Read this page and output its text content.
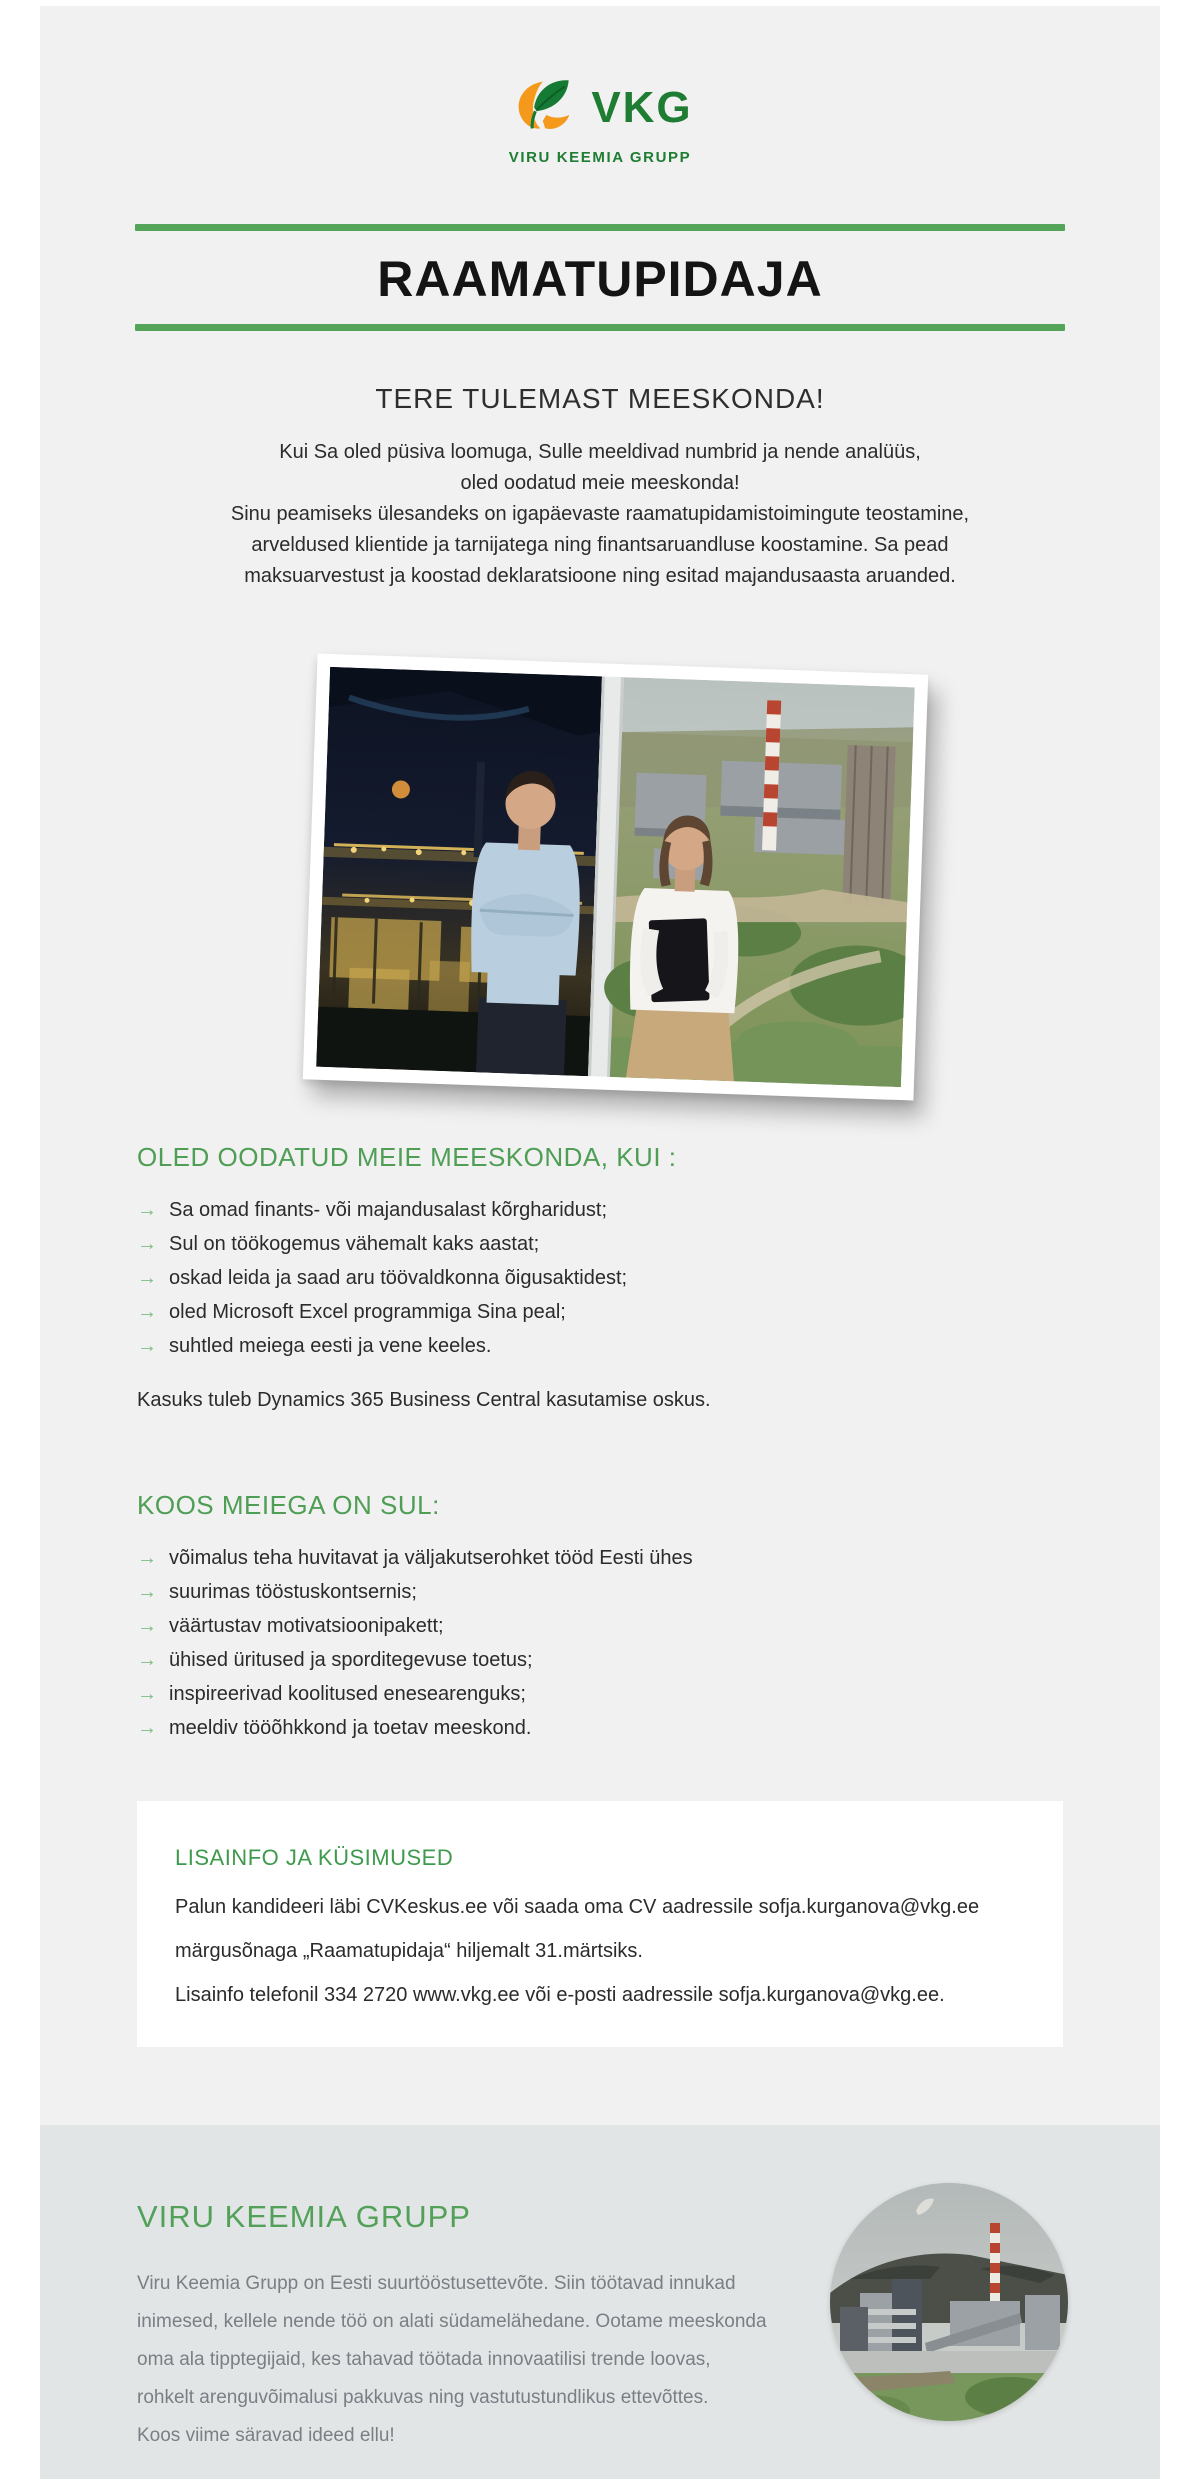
VKG
VIRU KEEMIA GRUPP
RAAMATUPIDAJA
TERE TULEMAST MEESKONDA!
Kui Sa oled püsiva loomuga, Sulle meeldivad numbrid ja nende analüüs,
oled oodatud meie meeskonda!
Sinu peamiseks ülesandeks on igapäevaste raamatupidamistoimingute teostamine,
arveldused klientide ja tarnijatega ning finantsaruandluse koostamine. Sa pead
maksuarvestust ja koostad deklaratsioone ning esitad majandusaasta aruanded.
OLED OODATUD MEIE MEESKONDA, KUI :
→ Sa omad finants- või majandusalast kõrgharidust;
→ Sul on töökogemus vähemalt kaks aastat;
→ oskad leida ja saad aru töövaldkonna õigusaktidest;
→ oled Microsoft Excel programmiga Sina peal;
→ suhtled meiega eesti ja vene keeles.

Kasuks tuleb Dynamics 365 Business Central kasutamise oskus.

KOOS MEIEGA ON SUL:
→ võimalus teha huvitavat ja väljakutserohket tööd Eesti ühes
→ suurimas tööstuskontsernis;
→ väärtustav motivatsioonipakett;
→ ühised üritused ja sporditegevuse toetus;
→ inspireerivad koolitused enesearenguks;
→ meeldiv tööõhkkond ja toetav meeskond.
LISAINFO JA KÜSIMUSED

Palun kandideeri läbi CVKeskus.ee või saada oma CV aadressile sofja.kurganova@vkg.ee

märgusõnaga „Raamatupidaja“ hiljemalt 31.märtsiks.

Lisainfo telefonil 334 2720 www.vkg.ee või e-posti aadressile sofja.kurganova@vkg.ee.

VIRU KEEMIA GRUPP
Viru Keemia Grupp on Eesti suurtööstusettevõte. Siin töötavad innukad
inimesed, kellele nende töö on alati südamelähedane. Ootame meeskonda
oma ala tipptegijaid, kes tahavad töötada innovaatilisi trende loovas,
rohkelt arenguvõimalusi pakkuvas ning vastutustundlikus ettevõttes.
Koos viime säravad ideed ellu!
